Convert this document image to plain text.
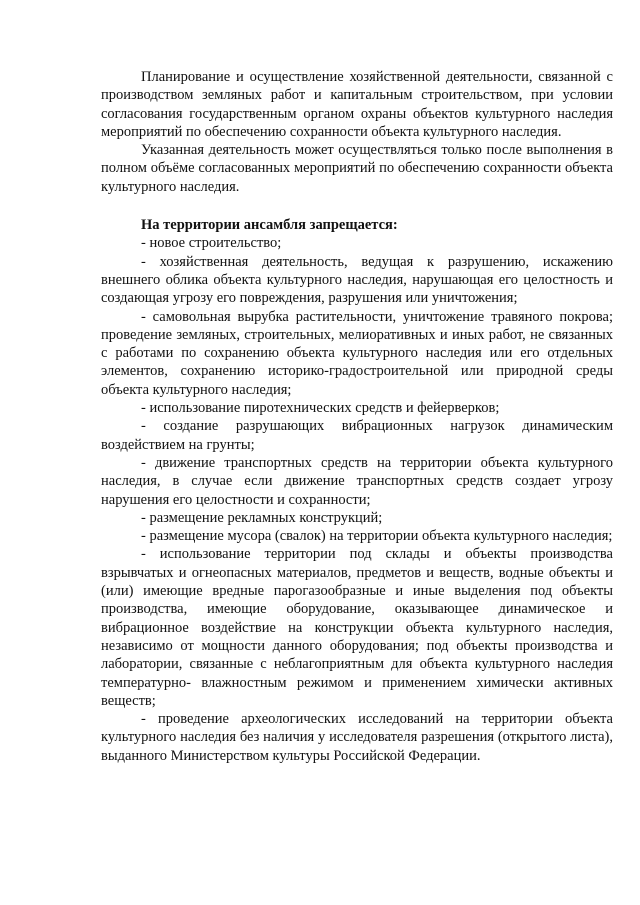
Планирование и осуществление хозяйственной деятельности, связанной с производством земляных работ и капитальным строительством, при условии согласования государственным органом охраны объектов культурного наследия мероприятий по обеспечению сохранности объекта культурного наследия.

Указанная деятельность может осуществляться только после выполнения в полном объёме согласованных мероприятий по обеспечению сохранности объекта культурного наследия.

На территории ансамбля запрещается:

- новое строительство;
- хозяйственная деятельность, ведущая к разрушению, искажению внешнего облика объекта культурного наследия, нарушающая его целостность и создающая угрозу его повреждения, разрушения или уничтожения;
- самовольная вырубка растительности, уничтожение травяного покрова; проведение земляных, строительных, мелиоративных и иных работ, не связанных с работами по сохранению объекта культурного наследия или его отдельных элементов, сохранению историко-градостроительной или природной среды объекта культурного наследия;
- использование пиротехнических средств и фейерверков;
- создание разрушающих вибрационных нагрузок динамическим воздействием на грунты;
- движение транспортных средств на территории объекта культурного наследия, в случае если движение транспортных средств создает угрозу нарушения его целостности и сохранности;
- размещение рекламных конструкций;
- размещение мусора (свалок) на территории объекта культурного наследия;
- использование территории под склады и объекты производства взрывчатых и огнеопасных материалов, предметов и веществ, водные объекты и (или) имеющие вредные парогазообразные и иные выделения под объекты производства, имеющие оборудование, оказывающее динамическое и вибрационное воздействие на конструкции объекта культурного наследия, независимо от мощности данного оборудования; под объекты производства и лаборатории, связанные с неблагоприятным для объекта культурного наследия температурно- влажностным режимом и применением химически активных веществ;
- проведение археологических исследований на территории объекта культурного наследия без наличия у исследователя разрешения (открытого листа), выданного Министерством культуры Российской Федерации.
